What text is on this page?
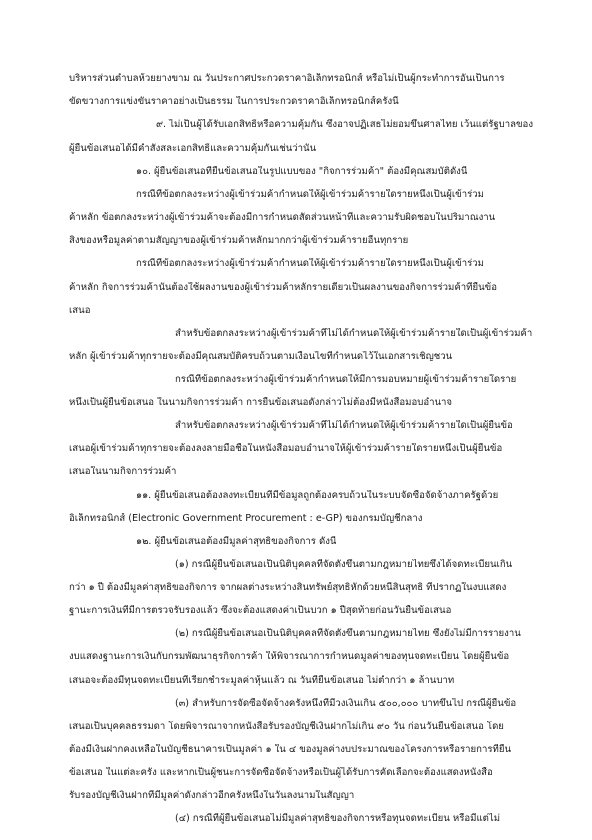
บริหารส่วนตำบลห้วยยางขาม ณ วันประกาศประกวดราคาอิเล็กทรอนิกส์ หรือไม่เป็นผู้กระทำการอันเป็นการ
ขัดขวางการแข่งขันราคาอย่างเป็นธรรม ในการประกวดราคาอิเล็กทรอนิกส์ครั้งนี้
๙. ไม่เป็นผู้ได้รับเอกสิทธิ์หรือความคุ้มกัน ซึ่งอาจปฏิเสธไม่ยอมขึ้นศาลไทย เว้นแต่รัฐบาลของ
ผู้ยื่นข้อเสนอได้มีคำสั่งสละเอกสิทธิ์และความคุ้มกันเช่นว่านั้น
๑๐. ผู้ยื่นข้อเสนอที่ยื่นข้อเสนอในรูปแบบของ "กิจการร่วมค้า" ต้องมีคุณสมบัติดังนี้
กรณีที่ข้อตกลงระหว่างผู้เข้าร่วมค้ากำหนดให้ผู้เข้าร่วมค้ารายใดรายหนึ่งเป็นผู้เข้าร่วม
ค้าหลัก ข้อตกลงระหว่างผู้เข้าร่วมค้าจะต้องมีการกำหนดสัดส่วนหน้าที่และความรับผิดชอบในปริมาณงาน
สิ่งของหรือมูลค่าตามสัญญาของผู้เข้าร่วมค้าหลักมากกว่าผู้เข้าร่วมค้ารายอื่นทุกราย
กรณีที่ข้อตกลงระหว่างผู้เข้าร่วมค้ากำหนดให้ผู้เข้าร่วมค้ารายใดรายหนึ่งเป็นผู้เข้าร่วม
ค้าหลัก กิจการร่วมค้านั้นต้องใช้ผลงานของผู้เข้าร่วมค้าหลักรายเดียวเป็นผลงานของกิจการร่วมค้าที่ยื่นข้อ
เสนอ
สำหรับข้อตกลงระหว่างผู้เข้าร่วมค้าที่ไม่ได้กำหนดให้ผู้เข้าร่วมค้ารายใดเป็นผู้เข้าร่วมค้า
หลัก ผู้เข้าร่วมค้าทุกรายจะต้องมีคุณสมบัติครบถ้วนตามเงื่อนไขที่กำหนดไว้ในเอกสารเชิญชวน
กรณีที่ข้อตกลงระหว่างผู้เข้าร่วมค้ากำหนดให้มีการมอบหมายผู้เข้าร่วมค้ารายใดราย
หนึ่งเป็นผู้ยื่นข้อเสนอ ในนามกิจการร่วมค้า การยื่นข้อเสนอดังกล่าวไม่ต้องมีหนังสือมอบอำนาจ
สำหรับข้อตกลงระหว่างผู้เข้าร่วมค้าที่ไม่ได้กำหนดให้ผู้เข้าร่วมค้ารายใดเป็นผู้ยื่นข้อ
เสนอผู้เข้าร่วมค้าทุกรายจะต้องลงลายมือชื่อในหนังสือมอบอำนาจให้ผู้เข้าร่วมค้ารายใดรายหนึ่งเป็นผู้ยื่นข้อ
เสนอในนามกิจการร่วมค้า
๑๑. ผู้ยื่นข้อเสนอต้องลงทะเบียนที่มีข้อมูลถูกต้องครบถ้วนในระบบจัดซื้อจัดจ้างภาครัฐด้วย
อิเล็กทรอนิกส์ (Electronic Government Procurement : e-GP) ของกรมบัญชีกลาง
๑๒. ผู้ยื่นข้อเสนอต้องมีมูลค่าสุทธิของกิจการ ดังนี้
(๑) กรณีผู้ยื่นข้อเสนอเป็นนิติบุคคลที่จัดตั้งขึ้นตามกฎหมายไทยซึ่งได้จดทะเบียนเกิน
กว่า ๑ ปี ต้องมีมูลค่าสุทธิของกิจการ จากผลต่างระหว่างสินทรัพย์สุทธิหักด้วยหนี้สินสุทธิ ที่ปรากฏในงบแสดง
ฐานะการเงินที่มีการตรวจรับรองแล้ว ซึ่งจะต้องแสดงค่าเป็นบวก ๑ ปีสุดท้ายก่อนวันยื่นข้อเสนอ
(๒) กรณีผู้ยื่นข้อเสนอเป็นนิติบุคคลที่จัดตั้งขึ้นตามกฎหมายไทย ซึ่งยังไม่มีการรายงาน
งบแสดงฐานะการเงินกับกรมพัฒนาธุรกิจการค้า ให้พิจารณาการกำหนดมูลค่าของทุนจดทะเบียน โดยผู้ยื่นข้อ
เสนอจะต้องมีทุนจดทะเบียนที่เรียกชำระมูลค่าหุ้นแล้ว ณ วันที่ยื่นข้อเสนอ ไม่ต่ำกว่า ๑ ล้านบาท
(๓) สำหรับการจัดซื้อจัดจ้างครั้งหนึ่งที่มีวงเงินเกิน ๕๐๐,๐๐๐ บาทขึ้นไป กรณีผู้ยื่นข้อ
เสนอเป็นบุคคลธรรมดา โดยพิจารณาจากหนังสือรับรองบัญชีเงินฝากไม่เกิน ๙๐ วัน ก่อนวันยื่นข้อเสนอ โดย
ต้องมีเงินฝากคงเหลือในบัญชีธนาคารเป็นมูลค่า ๑ ใน ๔ ของมูลค่างบประมาณของโครงการหรือรายการที่ยื่น
ข้อเสนอ ในแต่ละครั้ง และหากเป็นผู้ชนะการจัดซื้อจัดจ้างหรือเป็นผู้ได้รับการคัดเลือกจะต้องแสดงหนังสือ
รับรองบัญชีเงินฝากที่มีมูลค่าดังกล่าวอีกครั้งหนึ่งในวันลงนามในสัญญา
(๔) กรณีที่ผู้ยื่นข้อเสนอไม่มีมูลค่าสุทธิของกิจการหรือทุนจดทะเบียน หรือมีแต่ไม่
